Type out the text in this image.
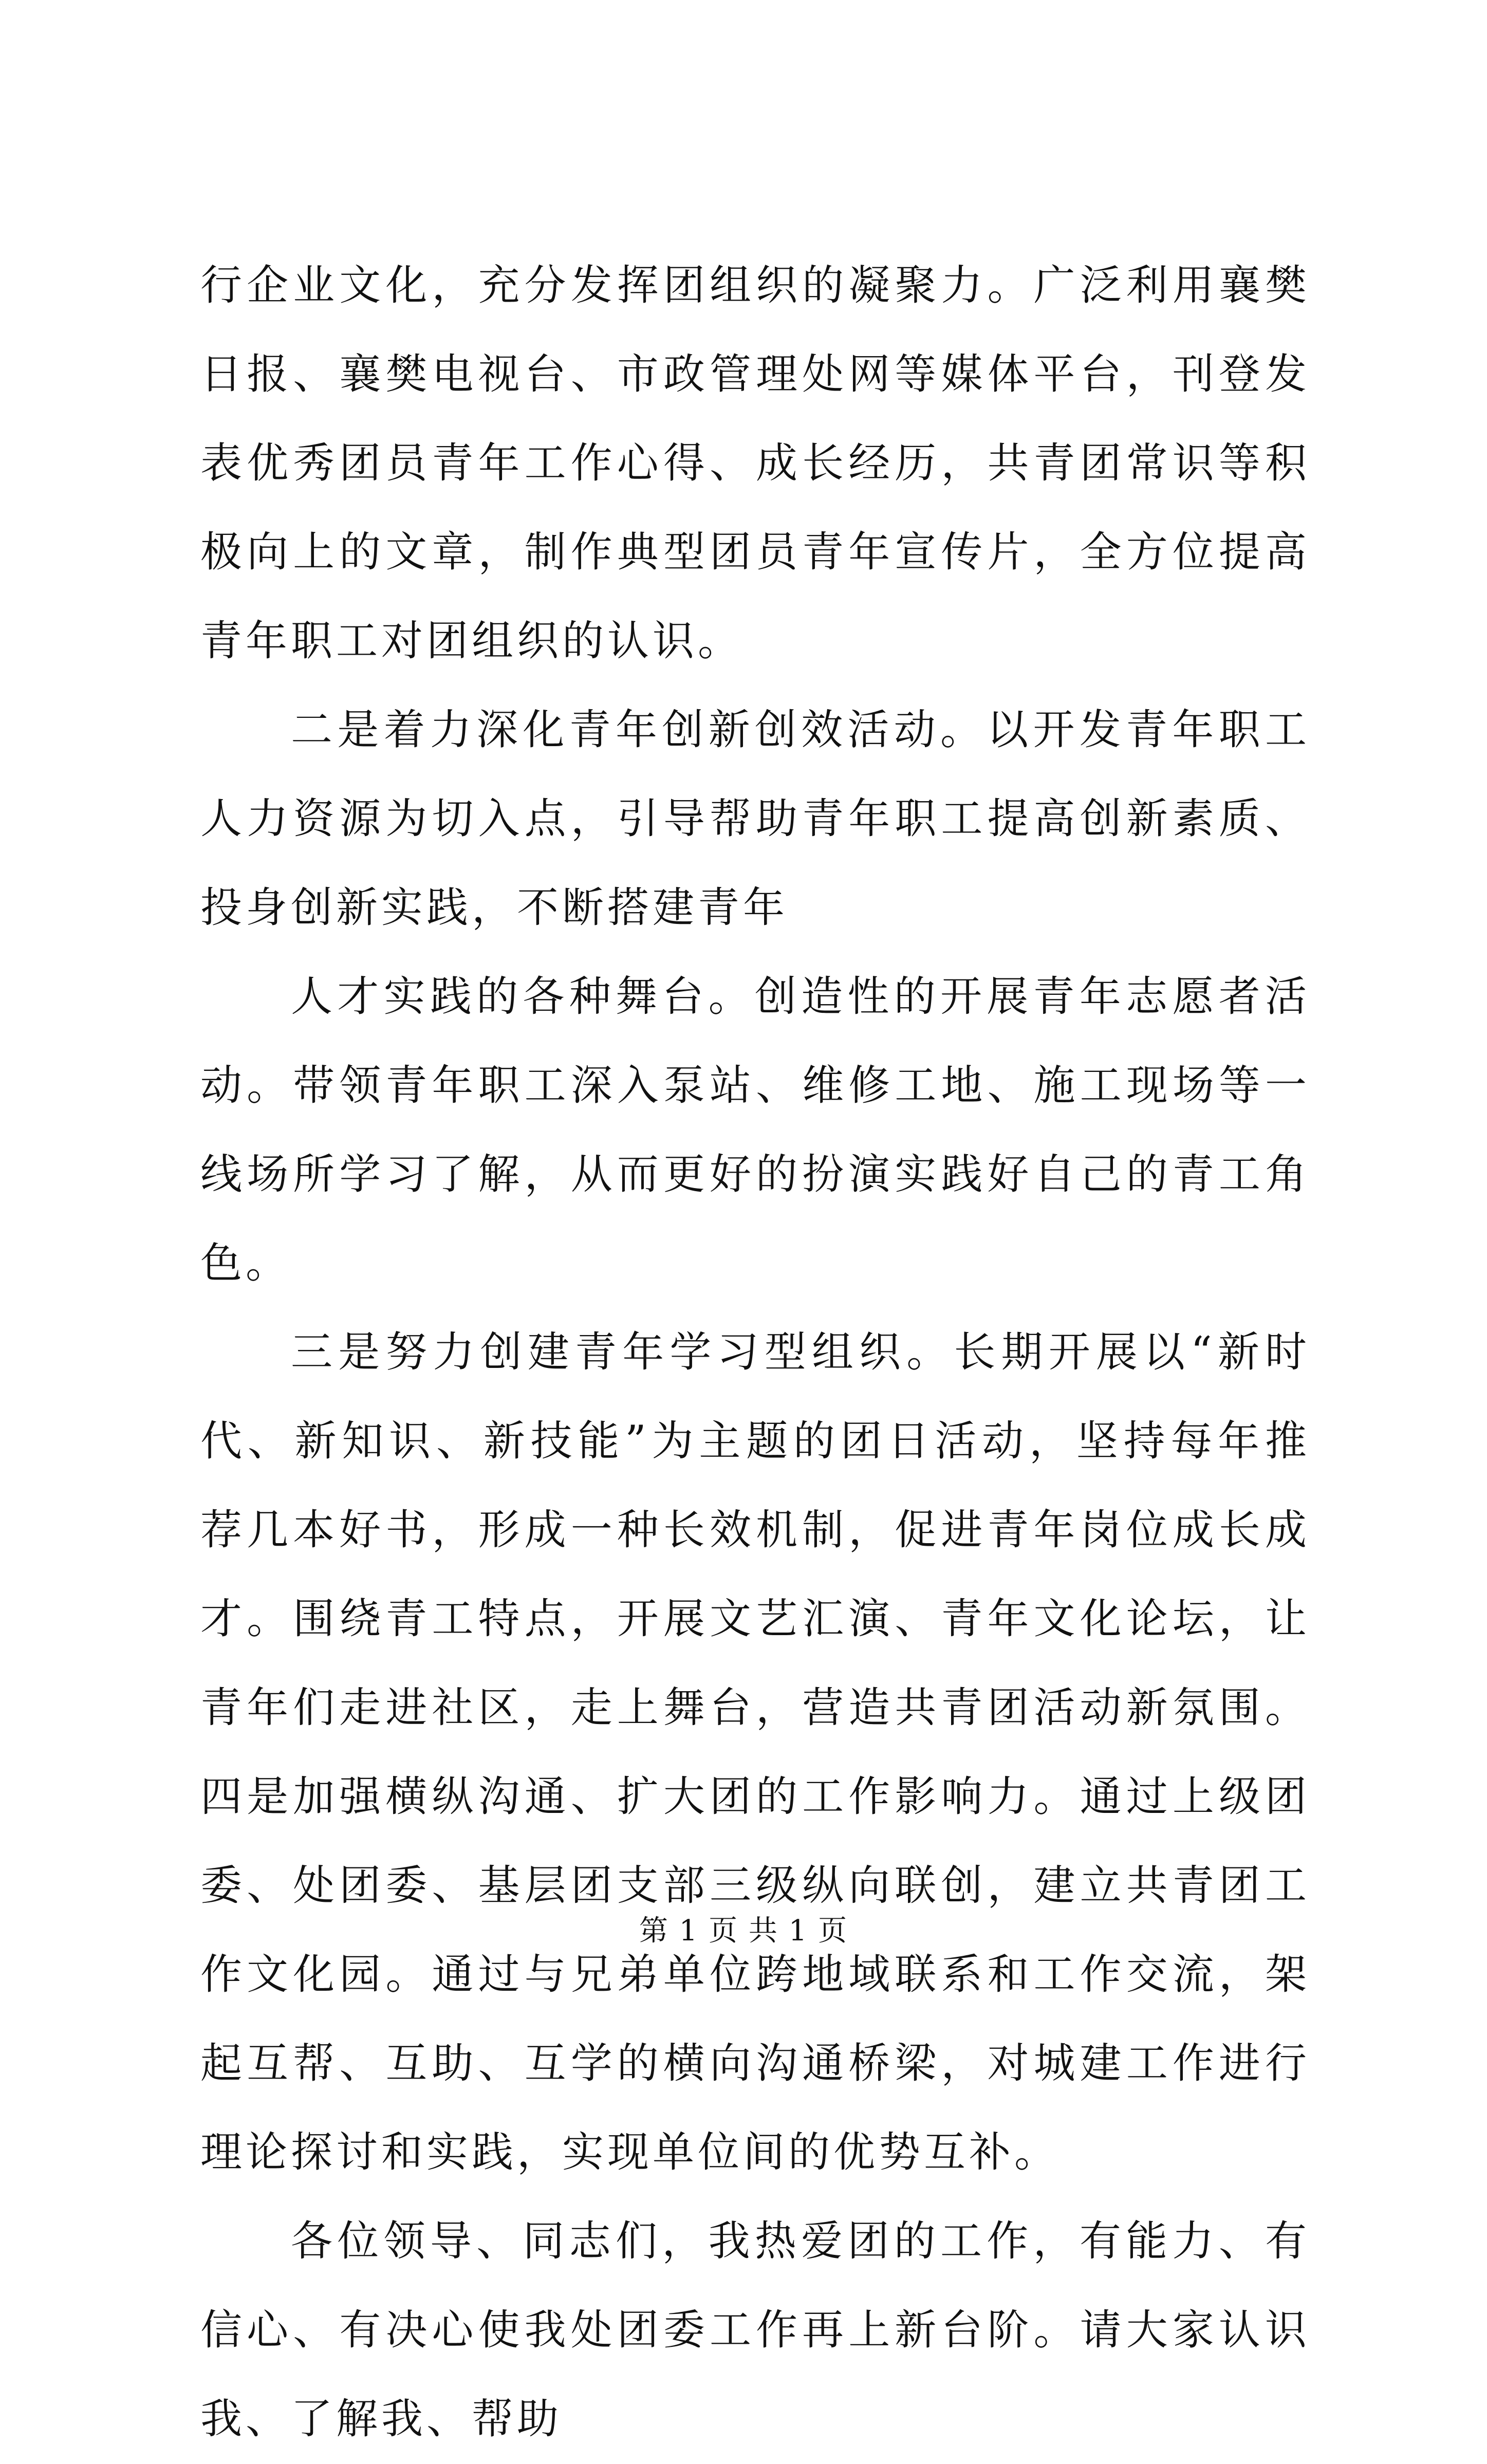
行企业文化，充分发挥团组织的凝聚力。广泛利用襄樊日报、襄樊电视台、市政管理处网等媒体平台，刊登发表优秀团员青年工作心得、成长经历，共青团常识等积极向上的文章，制作典型团员青年宣传片，全方位提高青年职工对团组织的认识。

二是着力深化青年创新创效活动。以开发青年职工人力资源为切入点，引导帮助青年职工提高创新素质、投身创新实践，不断搭建青年

人才实践的各种舞台。创造性的开展青年志愿者活动。带领青年职工深入泵站、维修工地、施工现场等一线场所学习了解，从而更好的扮演实践好自己的青工角色。

三是努力创建青年学习型组织。长期开展以“新时代、新知识、新技能”为主题的团日活动，坚持每年推荐几本好书，形成一种长效机制，促进青年岗位成长成才。围绕青工特点，开展文艺汇演、青年文化论坛，让青年们走进社区，走上舞台，营造共青团活动新氛围。四是加强横纵沟通、扩大团的工作影响力。通过上级团委、处团委、基层团支部三级纵向联创，建立共青团工作文化园。通过与兄弟单位跨地域联系和工作交流，架起互帮、互助、互学的横向沟通桥梁，对城建工作进行理论探讨和实践，实现单位间的优势互补。

各位领导、同志们，我热爱团的工作，有能力、有信心、有决心使我处团委工作再上新台阶。请大家认识我、了解我、帮助

第 1 页 共 1 页
